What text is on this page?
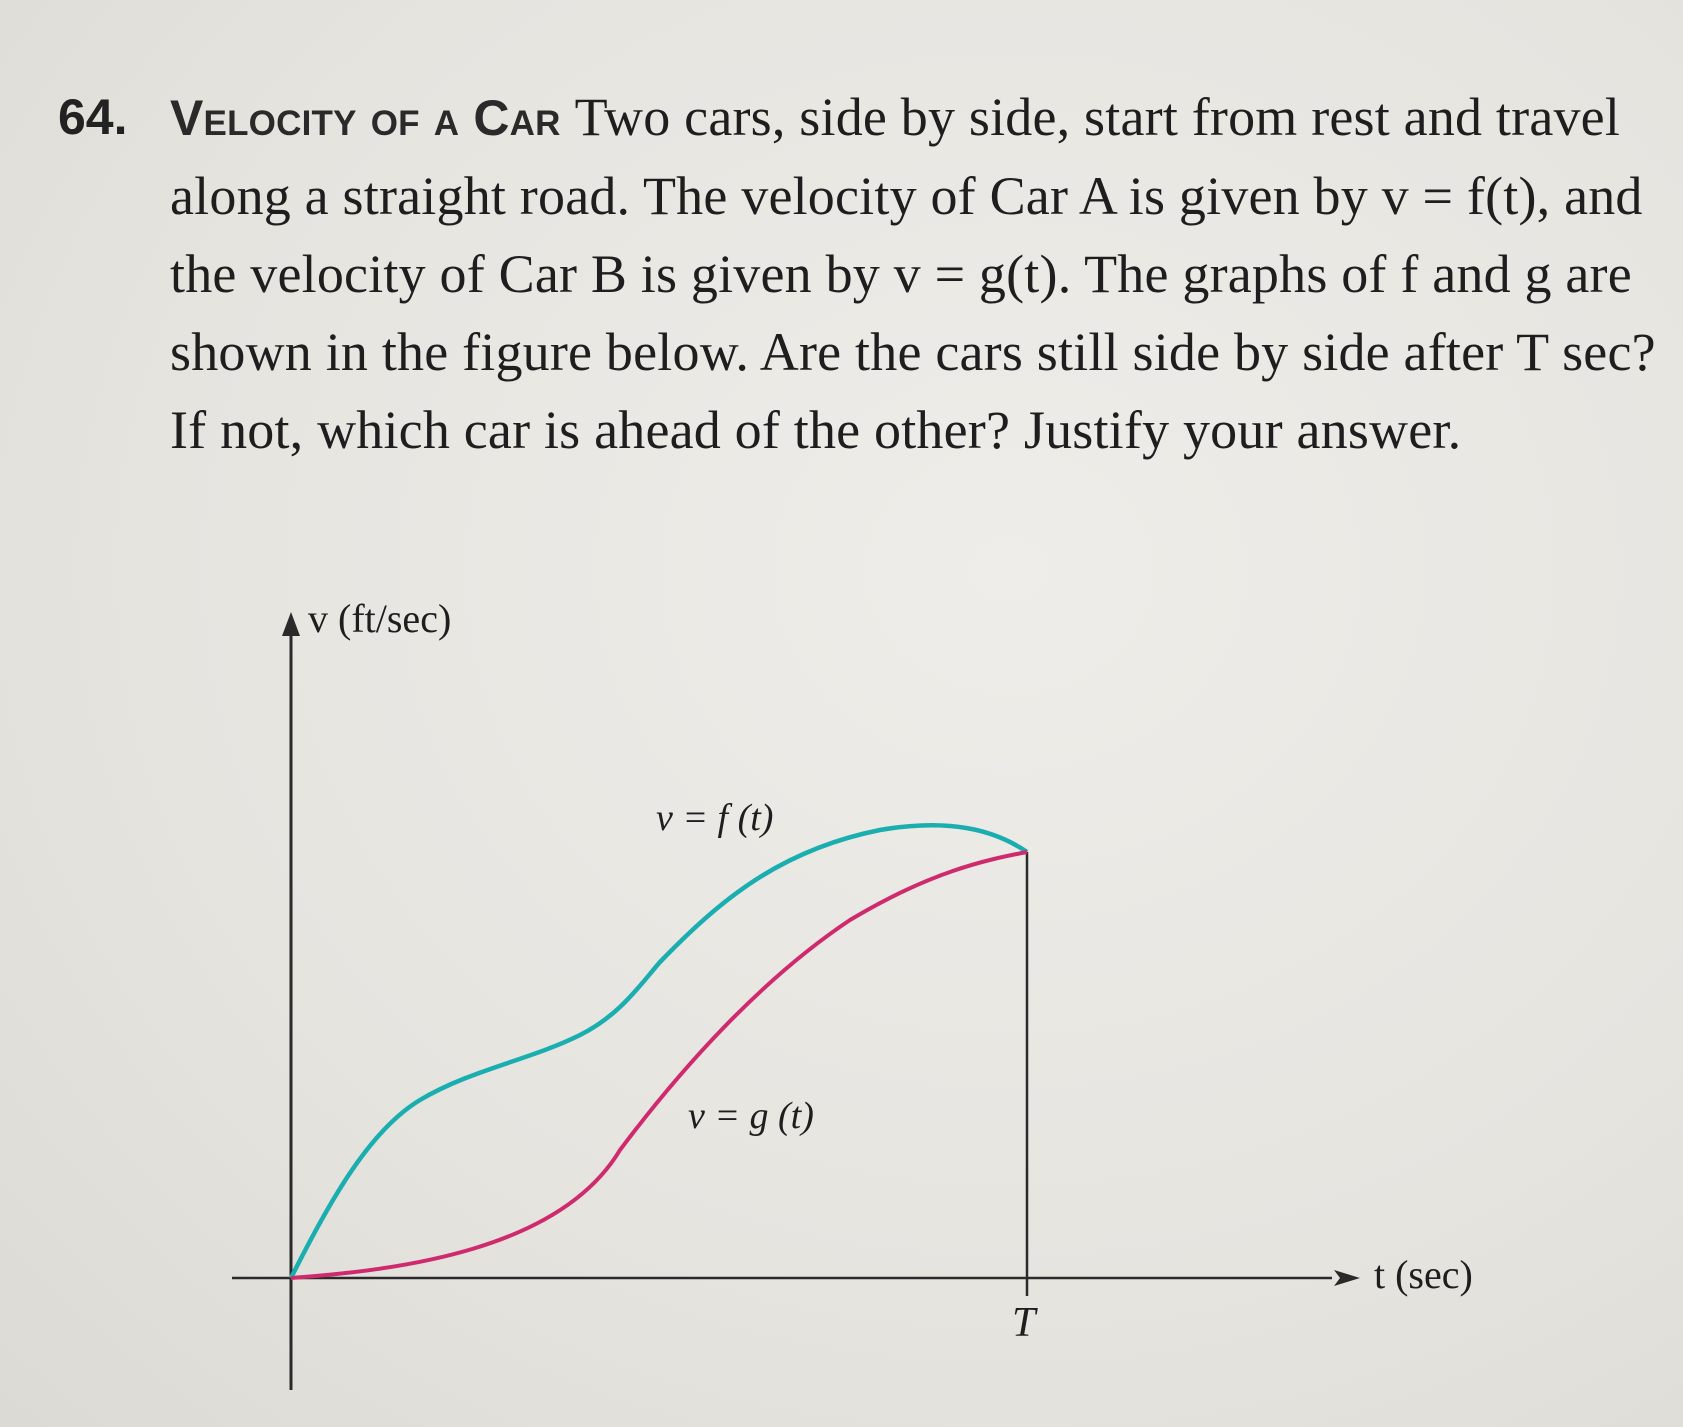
64. Velocity of a Car Two cars, side by side, start from rest and travel along a straight road. The velocity of Car A is given by v = f(t), and the velocity of Car B is given by v = g(t). The graphs of f and g are shown in the figure below. Are the cars still side by side after T sec? If not, which car is ahead of the other? Justify your answer.

v (ft/sec)
t (sec)
T
v = f (t)
v = g (t)
